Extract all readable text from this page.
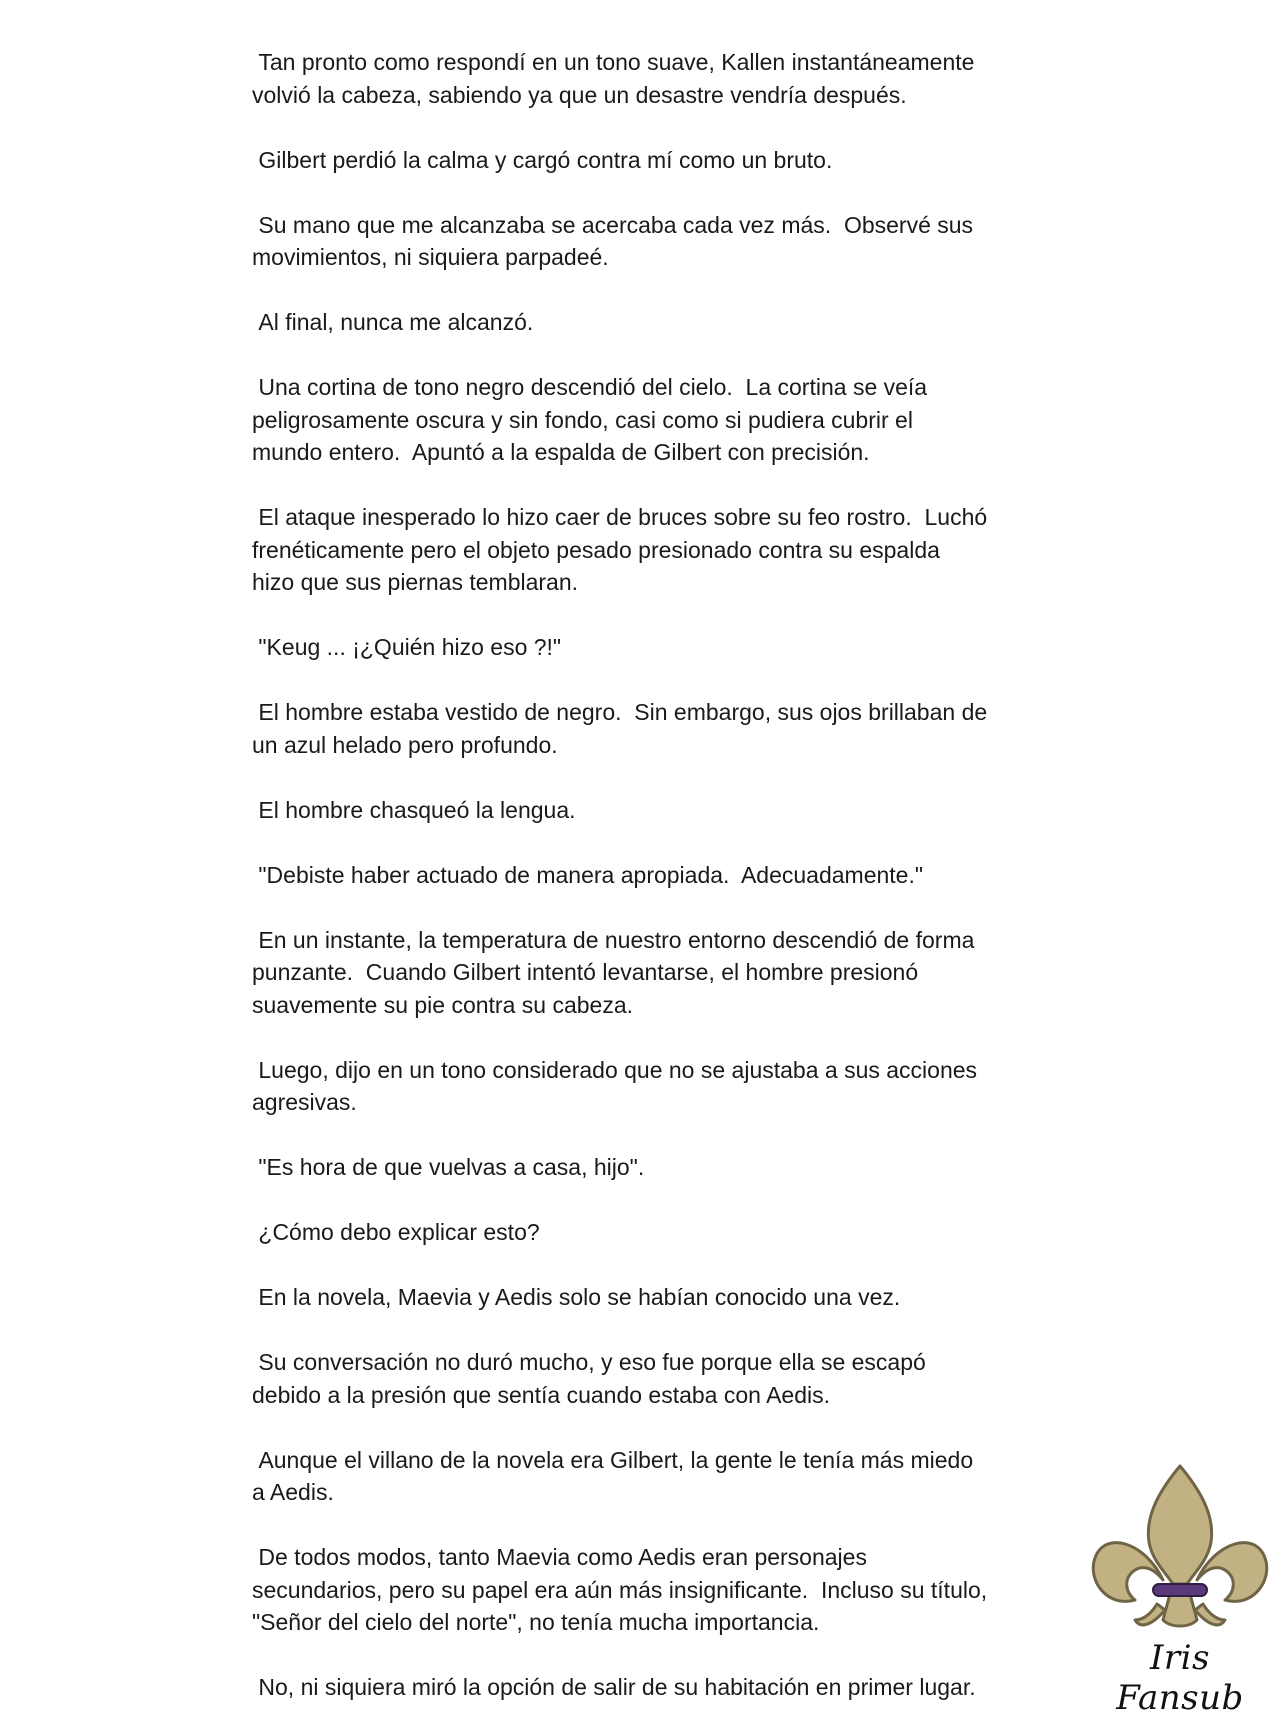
Tan pronto como respondí en un tono suave, Kallen instantáneamente
volvió la cabeza, sabiendo ya que un desastre vendría después.

Gilbert perdió la calma y cargó contra mí como un bruto.

Su mano que me alcanzaba se acercaba cada vez más.  Observé sus
movimientos, ni siquiera parpadeé.

Al final, nunca me alcanzó.

Una cortina de tono negro descendió del cielo.  La cortina se veía
peligrosamente oscura y sin fondo, casi como si pudiera cubrir el
mundo entero.  Apuntó a la espalda de Gilbert con precisión.

El ataque inesperado lo hizo caer de bruces sobre su feo rostro.  Luchó
frenéticamente pero el objeto pesado presionado contra su espalda
hizo que sus piernas temblaran.

"Keug ... ¡¿Quién hizo eso ?!"

El hombre estaba vestido de negro.  Sin embargo, sus ojos brillaban de
un azul helado pero profundo.

El hombre chasqueó la lengua.

"Debiste haber actuado de manera apropiada.  Adecuadamente."

En un instante, la temperatura de nuestro entorno descendió de forma
punzante.  Cuando Gilbert intentó levantarse, el hombre presionó
suavemente su pie contra su cabeza.

Luego, dijo en un tono considerado que no se ajustaba a sus acciones
agresivas.

"Es hora de que vuelvas a casa, hijo".

¿Cómo debo explicar esto?

En la novela, Maevia y Aedis solo se habían conocido una vez.

Su conversación no duró mucho, y eso fue porque ella se escapó
debido a la presión que sentía cuando estaba con Aedis.

Aunque el villano de la novela era Gilbert, la gente le tenía más miedo
a Aedis.

De todos modos, tanto Maevia como Aedis eran personajes
secundarios, pero su papel era aún más insignificante.  Incluso su título,
"Señor del cielo del norte", no tenía mucha importancia.

No, ni siquiera miró la opción de salir de su habitación en primer lugar.

Iris Fansub
